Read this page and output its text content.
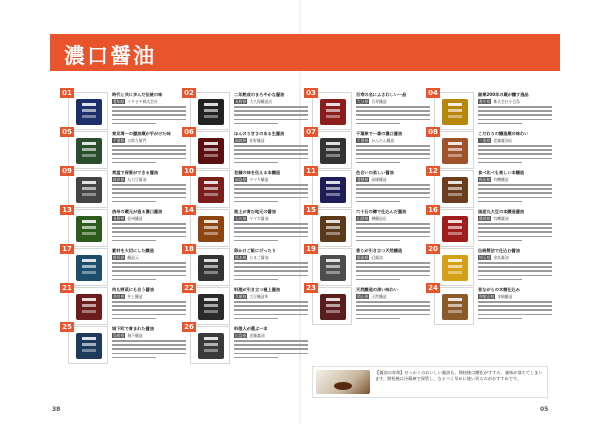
濃口醤油
01	時代と共に歩んだ伝統の味
愛知県 イチビキ株式会社
02	二年熟成のまろやかな醤油
長野県 大久保醸造店
03	百寿の名にふさわしい一品
大分県 百寿醸造
04	創業200年の蔵が醸す逸品
香川県 株式会社小豆島
05	東京湾一の醤油蔵が手がけた味
千葉県 五郎左衛門
06	ほんのり甘さのある生醤油
福岡県 佐野醸造
07	千葉県で一番の濃口醤油
千葉県 かんたん醸造
08	こだわりの醸造蔵の味わい
三重県 老舗醤油店
09	常温で保管ができる醤油
岐阜県 丸大豆醤油
10	老舗の味を伝える本醸造
福島県 ヤマキ醸造
11	色合いの美しい醤油
愛媛県 高橋醸造
12	食べ比べも楽しい本醸造
秋田県 有機醸造
13	信州の蔵元が造る濃口醤油
長野県 信州醸造
14	風土が育む地元の醤油
石川県 ヤマダ醤油
15	六十石の樽で仕込んだ醤油
山梨県 樽醸造店
16	国産丸大豆の本醸造醤油
静岡県 有機醤油
17	素材を大切にした醸造
群馬県 醸造元
18	卵かけご飯にぴったり
熊本県 たまご醤油
19	香りが引き立つ天然醸造
新潟県 幻醤油
20	伝統製法で仕込む醤油
埼玉県 金笛醤油
21	肉も野菜にも合う醤油
奈良県 井上醸造
22	料理が引き立つ極上醤油
兵庫県 大豆醸造所
23	天然醸造の深い味わい
岡山県 天然醸造
24	昔ながらの木桶仕込み
和歌山県 木桶醸造
25	城下町で育まれた醤油
島根県 城下醸造
26	料理人が選ぶ一本
広島県 老舗醤油
【醤油の寿命】せっかくのおいしい醤油も、開栓後は酸化がすすみ、風味が落ちてしまいます。開栓後は冷蔵庫で保管し、なるべく早めに使い切るのがおすすめです。
38	05
